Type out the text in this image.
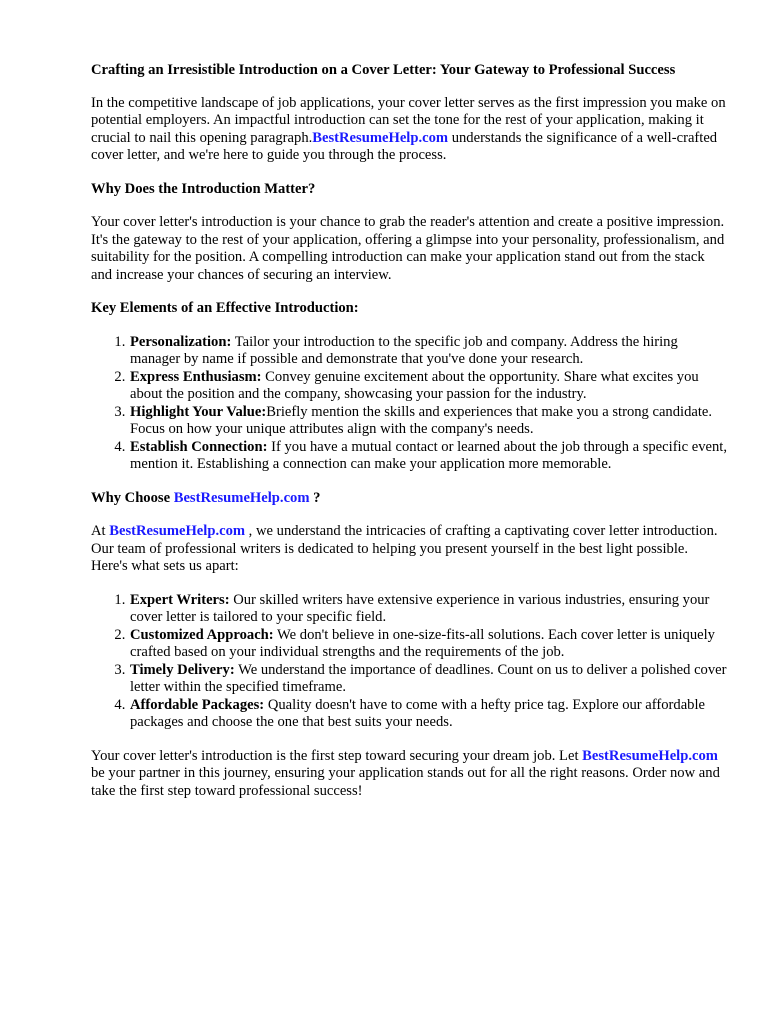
Crafting an Irresistible Introduction on a Cover Letter: Your Gateway to Professional Success

In the competitive landscape of job applications, your cover letter serves as the first impression you make on potential employers. An impactful introduction can set the tone for the rest of your application, making it crucial to nail this opening paragraph.BestResumeHelp.com understands the significance of a well-crafted cover letter, and we're here to guide you through the process.

Why Does the Introduction Matter?

Your cover letter's introduction is your chance to grab the reader's attention and create a positive impression. It's the gateway to the rest of your application, offering a glimpse into your personality, professionalism, and suitability for the position. A compelling introduction can make your application stand out from the stack and increase your chances of securing an interview.

Key Elements of an Effective Introduction:
1. Personalization: Tailor your introduction to the specific job and company. Address the hiring manager by name if possible and demonstrate that you've done your research.
2. Express Enthusiasm: Convey genuine excitement about the opportunity. Share what excites you about the position and the company, showcasing your passion for the industry.
3. Highlight Your Value:Briefly mention the skills and experiences that make you a strong candidate. Focus on how your unique attributes align with the company's needs.
4. Establish Connection: If you have a mutual contact or learned about the job through a specific event, mention it. Establishing a connection can make your application more memorable.
Why Choose BestResumeHelp.com ?

At BestResumeHelp.com , we understand the intricacies of crafting a captivating cover letter introduction. Our team of professional writers is dedicated to helping you present yourself in the best light possible. Here's what sets us apart:

1. Expert Writers: Our skilled writers have extensive experience in various industries, ensuring your cover letter is tailored to your specific field.
2. Customized Approach: We don't believe in one-size-fits-all solutions. Each cover letter is uniquely crafted based on your individual strengths and the requirements of the job.
3. Timely Delivery: We understand the importance of deadlines. Count on us to deliver a polished cover letter within the specified timeframe.
4. Affordable Packages: Quality doesn't have to come with a hefty price tag. Explore our affordable packages and choose the one that best suits your needs.

Your cover letter's introduction is the first step toward securing your dream job. Let BestResumeHelp.com be your partner in this journey, ensuring your application stands out for all the right reasons. Order now and take the first step toward professional success!
